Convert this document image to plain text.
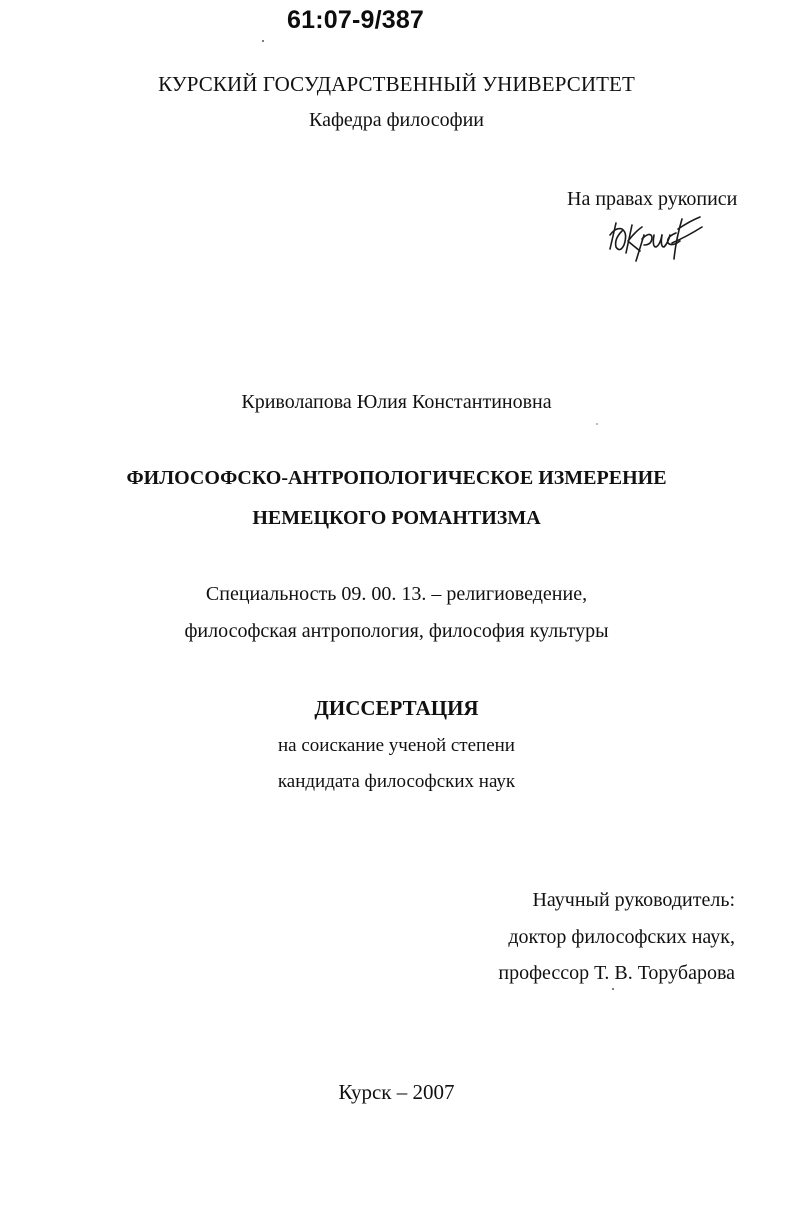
61:07-9/387
КУРСКИЙ ГОСУДАРСТВЕННЫЙ УНИВЕРСИТЕТ
Кафедра философии
На правах рукописи
Криволапова Юлия Константиновна
ФИЛОСОФСКО-АНТРОПОЛОГИЧЕСКОЕ ИЗМЕРЕНИЕ
НЕМЕЦКОГО РОМАНТИЗМА
Специальность 09. 00. 13. – религиоведение,
философская антропология, философия культуры
ДИССЕРТАЦИЯ
на соискание ученой степени
кандидата философских наук
Научный руководитель:
доктор философских наук,
профессор Т. В. Торубарова
Курск – 2007
